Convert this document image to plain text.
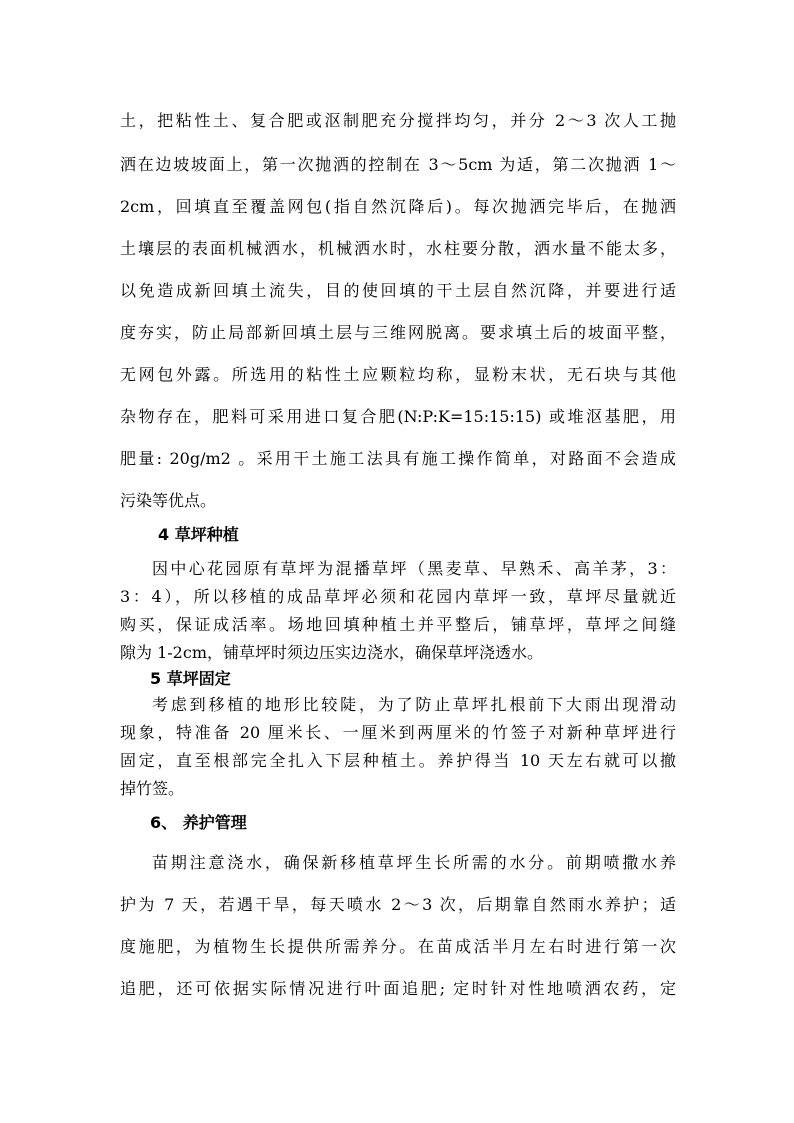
土，把粘性土、复合肥或沤制肥充分搅拌均匀，并分 2～3 次人工抛
洒在边坡坡面上，第一次抛洒的控制在 3～5cm 为适，第二次抛洒 1～
2cm，回填直至覆盖网包(指自然沉降后)。每次抛洒完毕后，在抛洒
土壤层的表面机械洒水，机械洒水时，水柱要分散，洒水量不能太多，
以免造成新回填土流失，目的使回填的干土层自然沉降，并要进行适
度夯实，防止局部新回填土层与三维网脱离。要求填土后的坡面平整，
无网包外露。所选用的粘性土应颗粒均称，显粉末状，无石块与其他
杂物存在，肥料可采用进口复合肥(N:P:K=15:15:15) 或堆沤基肥，用
肥量: 20g/m2 。采用干土施工法具有施工操作简单，对路面不会造成
污染等优点。
4 草坪种植
因中心花园原有草坪为混播草坪（黑麦草、早熟禾、高羊茅，3：
3：4），所以移植的成品草坪必须和花园内草坪一致，草坪尽量就近
购买，保证成活率。场地回填种植土并平整后，铺草坪，草坪之间缝
隙为 1-2cm，铺草坪时须边压实边浇水，确保草坪浇透水。
5 草坪固定
考虑到移植的地形比较陡，为了防止草坪扎根前下大雨出现滑动
现象，特准备 20 厘米长、一厘米到两厘米的竹签子对新种草坪进行
固定，直至根部完全扎入下层种植土。养护得当 10 天左右就可以撤
掉竹签。
6、 养护管理
苗期注意浇水，确保新移植草坪生长所需的水分。前期喷撒水养
护为 7 天，若遇干旱，每天喷水 2～3 次，后期靠自然雨水养护；适
度施肥，为植物生长提供所需养分。在苗成活半月左右时进行第一次
追肥，还可依据实际情况进行叶面追肥; 定时针对性地喷洒农药，定
